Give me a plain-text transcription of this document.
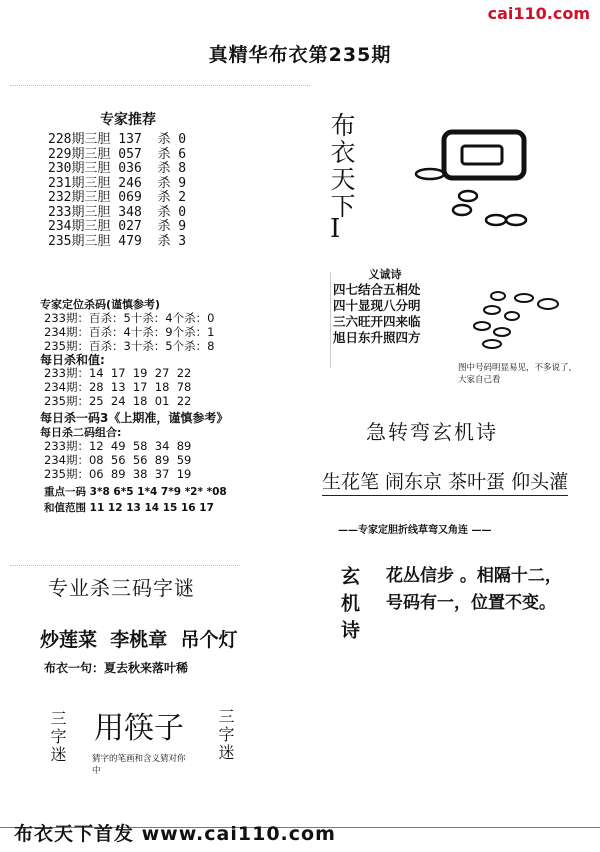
cai110.com
真精华布衣第235期
专家推荐
228期三胆 137  杀 0
229期三胆 057  杀 6
230期三胆 036  杀 8
231期三胆 246  杀 9
232期三胆 069  杀 2
233期三胆 348  杀 0
234期三胆 027  杀 9
235期三胆 479  杀 3
专家定位杀码(谨慎参考)
233期：百杀：5十杀：4个杀：0
234期：百杀：4十杀：9个杀：1
235期：百杀：3十杀：5个杀：8
每日杀和值:
233期：14  17  19  27  22
234期：28  13  17  18  78
235期：25  24  18  01  22
每日杀一码3《上期准，谨慎参考》
每日杀二码组合:
233期：12  49  58  34  89
234期：08  56  56  89  59
235期：06  89  38  37  19
重点一码 3*8 6*5 1*4 7*9 *2* *08
和值范围 11 12 13 14 15 16 17
专业杀三码字谜
炒莲菜  李桃章  吊个灯
布衣一句：夏去秋来落叶稀
三字迷 用筷子 三字迷
猜字的笔画和含义猜对你中
布衣天下
I
义诚诗
四七结合五相处
四十显现八分明
三六旺开四来临
旭日东升照四方
图中号码明显易见，不多说了，大家自己看
急转弯玄机诗
生花笔 闹东京 茶叶蛋 仰头灌
——专家定胆折线草弯又角连 ——
玄机诗 花丛信步 。相隔十二，
号码有一，位置不变。
布衣天下首发 www.cai110.com
